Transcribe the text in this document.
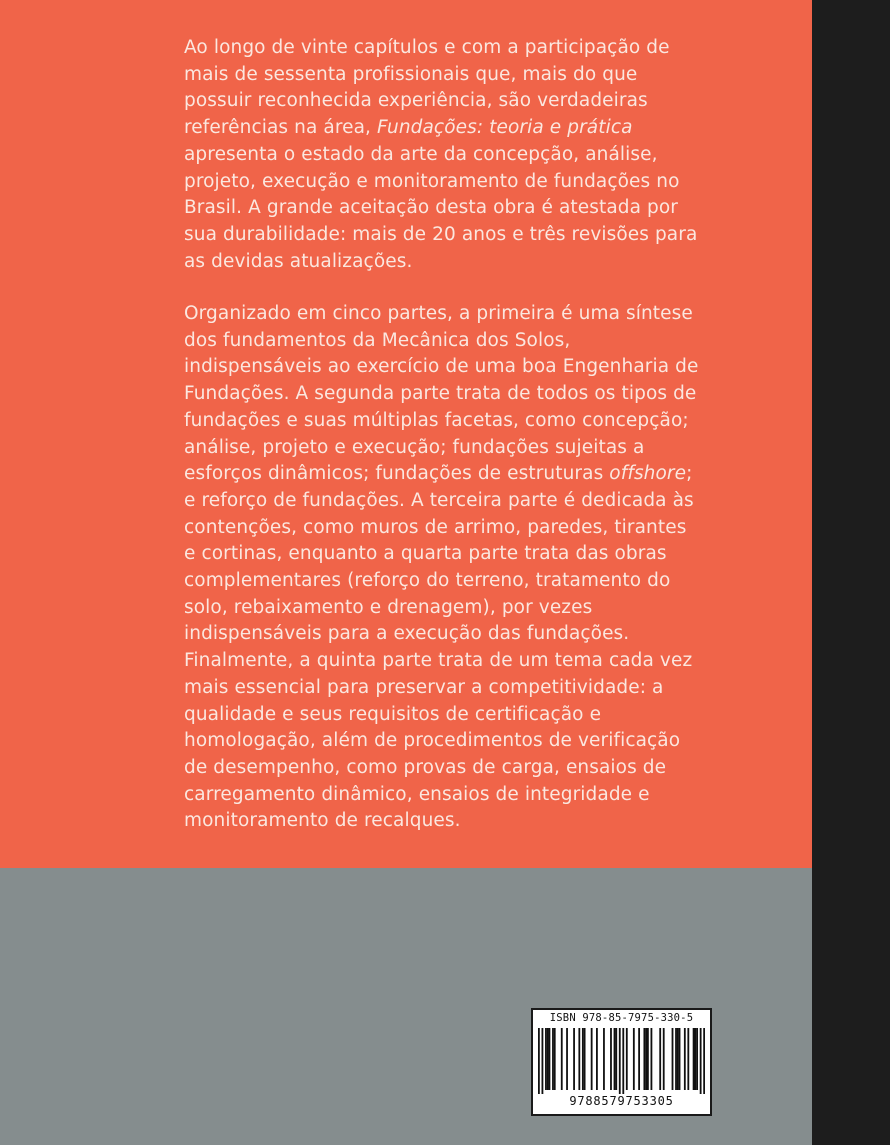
Ao longo de vinte capítulos e com a participação de mais de sessenta profissionais que, mais do que possuir reconhecida experiência, são verdadeiras referências na área, Fundações: teoria e prática apresenta o estado da arte da concepção, análise, projeto, execução e monitoramento de fundações no Brasil. A grande aceitação desta obra é atestada por sua durabilidade: mais de 20 anos e três revisões para as devidas atualizações.

Organizado em cinco partes, a primeira é uma síntese dos fundamentos da Mecânica dos Solos, indispensáveis ao exercício de uma boa Engenharia de Fundações. A segunda parte trata de todos os tipos de fundações e suas múltiplas facetas, como concepção; análise, projeto e execução; fundações sujeitas a esforços dinâmicos; fundações de estruturas offshore; e reforço de fundações. A terceira parte é dedicada às contenções, como muros de arrimo, paredes, tirantes e cortinas, enquanto a quarta parte trata das obras complementares (reforço do terreno, tratamento do solo, rebaixamento e drenagem), por vezes indispensáveis para a execução das fundações. Finalmente, a quinta parte trata de um tema cada vez mais essencial para preservar a competitividade: a qualidade e seus requisitos de certificação e homologação, além de procedimentos de verificação de desempenho, como provas de carga, ensaios de carregamento dinâmico, ensaios de integridade e monitoramento de recalques.

ISBN 978-85-7975-330-5
9788579753305
